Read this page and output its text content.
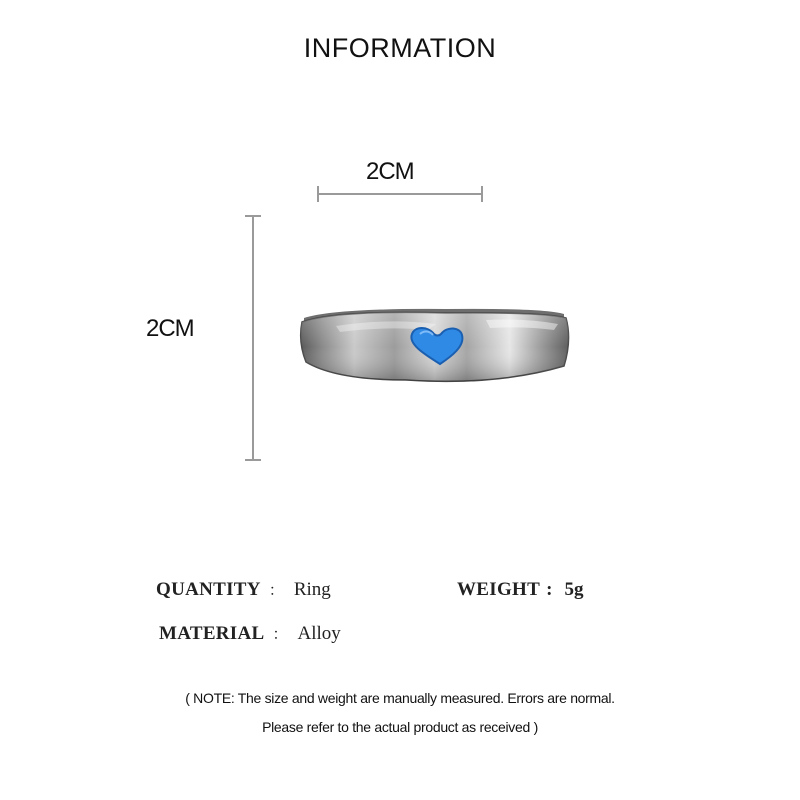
INFORMATION
2CM
2CM
QUANTITY ： Ring	WEIGHT : 5g
MATERIAL ： Alloy
( NOTE: The size and weight are manually measured. Errors are normal.
Please refer to the actual product as received )
